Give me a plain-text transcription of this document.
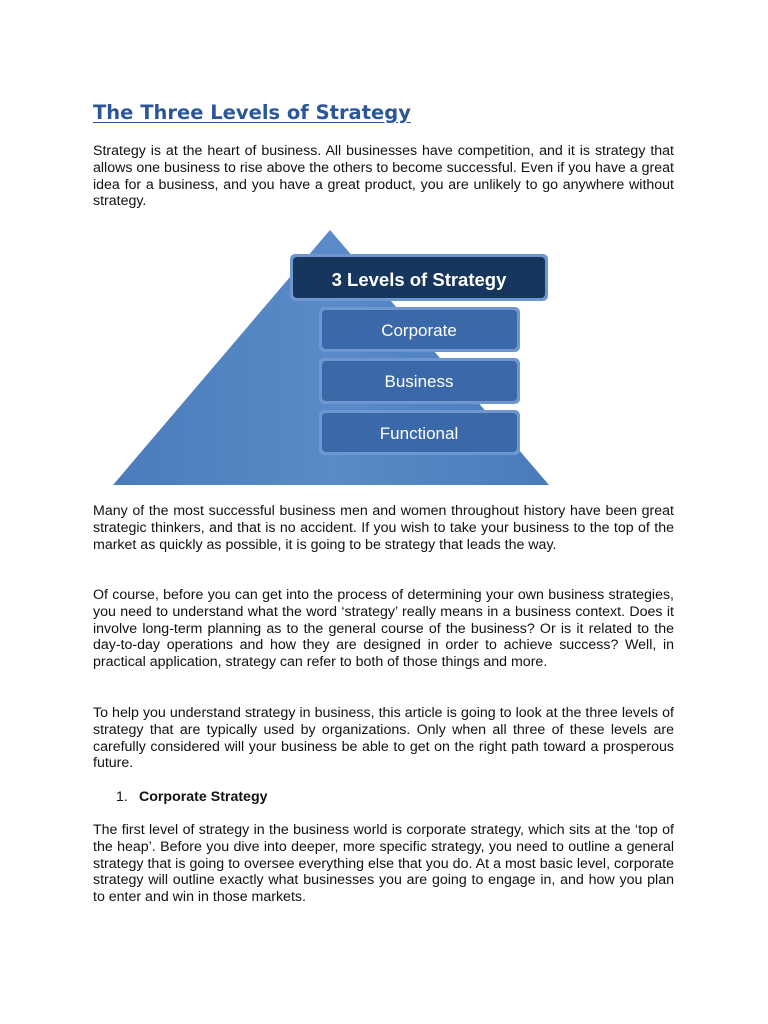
The Three Levels of Strategy

Strategy is at the heart of business. All businesses have competition, and it is strategy that allows one business to rise above the others to become successful. Even if you have a great idea for a business, and you have a great product, you are unlikely to go anywhere without strategy.

Many of the most successful business men and women throughout history have been great strategic thinkers, and that is no accident. If you wish to take your business to the top of the market as quickly as possible, it is going to be strategy that leads the way.

Of course, before you can get into the process of determining your own business strategies, you need to understand what the word ‘strategy’ really means in a business context. Does it involve long-term planning as to the general course of the business? Or is it related to the day-to-day operations and how they are designed in order to achieve success? Well, in practical application, strategy can refer to both of those things and more.

To help you understand strategy in business, this article is going to look at the three levels of strategy that are typically used by organizations. Only when all three of these levels are carefully considered will your business be able to get on the right path toward a prosperous future.

1. Corporate Strategy

The first level of strategy in the business world is corporate strategy, which sits at the ‘top of the heap’. Before you dive into deeper, more specific strategy, you need to outline a general strategy that is going to oversee everything else that you do. At a most basic level, corporate strategy will outline exactly what businesses you are going to engage in, and how you plan to enter and win in those markets.

3 Levels of Strategy
Corporate
Business
Functional
